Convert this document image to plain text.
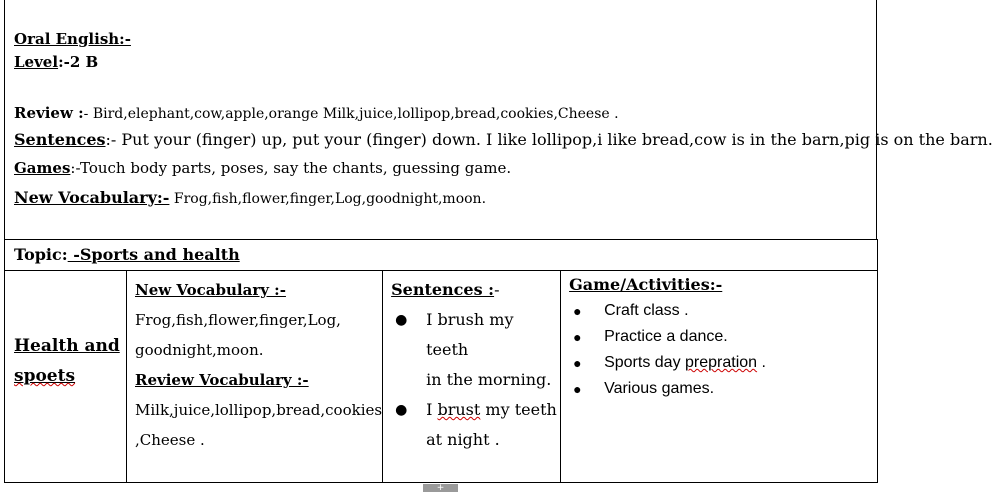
Oral English:-
Level:-2 B
Review :- Bird,elephant,cow,apple,orange Milk,juice,lollipop,bread,cookies,Cheese .
Sentences:- Put your (finger) up, put your (finger) down. I like lollipop,i like bread,cow is in the barn,pig is on the barn.
Games:-Touch body parts, poses, say the chants, guessing game.
New Vocabulary:- Frog,fish,flower,finger,Log,goodnight,moon.
Topic: -Sports and health

Health and
spoets

New Vocabulary :-
Frog,fish,flower,finger,Log,
goodnight,moon.
Review Vocabulary :-
Milk,juice,lollipop,bread,cookies
,Cheese .

Sentences :-
● I brush my teeth
in the morning.
● I brust my teeth
at night .

Game/Activities:-
● Craft class .
● Practice a dance.
● Sports day prepration .
● Various games.
+
